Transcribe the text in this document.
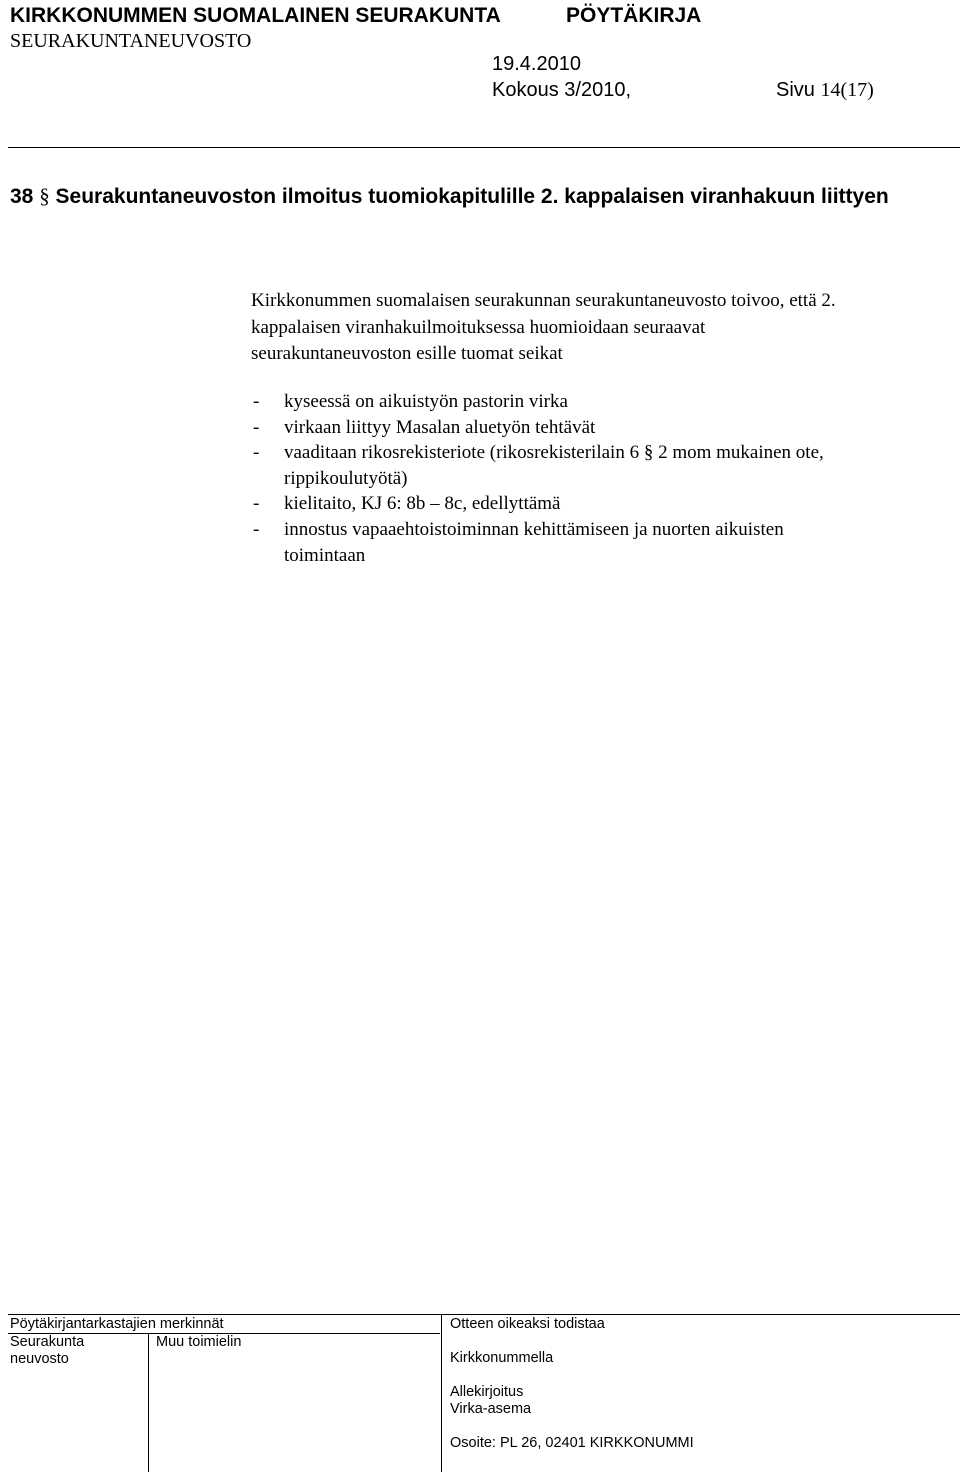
KIRKKONUMMEN SUOMALAINEN SEURAKUNTA	PÖYTÄKIRJA
SEURAKUNTANEUVOSTO
19.4.2010
Kokous 3/2010,	Sivu 14(17)
38 § Seurakuntaneuvoston ilmoitus tuomiokapitulille 2. kappalaisen viranhakuun liittyen
Kirkkonummen suomalaisen seurakunnan seurakuntaneuvosto toivoo, että 2.
kappalaisen viranhakuilmoituksessa huomioidaan seuraavat
seurakuntaneuvoston esille tuomat seikat
- kyseessä on aikuistyön pastorin virka
- virkaan liittyy Masalan aluetyön tehtävät
- vaaditaan rikosrekisteriote (rikosrekisterilain 6 § 2 mom mukainen ote,
rippikoulutyötä)
- kielitaito, KJ 6: 8b – 8c, edellyttämä
- innostus vapaaehtoistoiminnan kehittämiseen ja nuorten aikuisten
toimintaan
Pöytäkirjantarkastajien merkinnät
Seurakunta
neuvosto
Muu toimielin
Otteen oikeaksi todistaa
Kirkkonummella
Allekirjoitus
Virka-asema
Osoite: PL 26, 02401 KIRKKONUMMI
